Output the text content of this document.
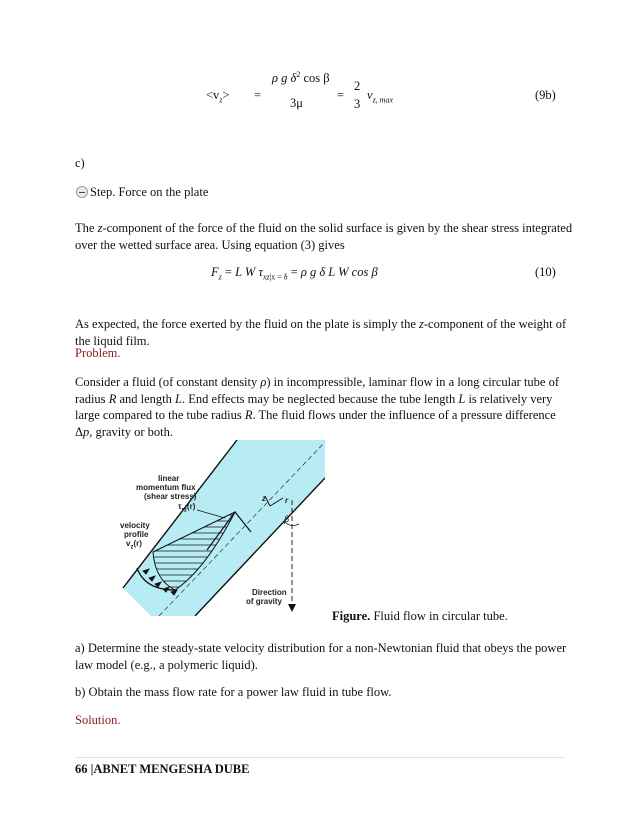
$<v_z>$ =
ρ g $\delta^2$ cos β
3μ
=
2
3
$v_{z, max}$	(9b)
c)
Step. Force on the plate
The z-component of the force of the fluid on the solid surface is given by the shear stress integrated over the wetted surface area. Using equation (3) gives
$F_z = L$ W $\tau_{xz|x = \delta} = \rho$ g δ L W cos β	(10)
As expected, the force exerted by the fluid on the plate is simply the z-component of the weight of the liquid film.
Problem.
Consider a fluid (of constant density ρ) in incompressible, laminar flow in a long circular tube of radius R and length L. End effects may be neglected because the tube length L is relatively very large compared to the tube radius R. The fluid flows under the influence of a pressure difference Δp, gravity or both.
linear
momentum flux
(shear stress)
$\tau_{rz}(r)$
velocity
profile
$v_z(r)$
Direction
of gravity
z r
β
Figure. Fluid flow in circular tube.
a) Determine the steady-state velocity distribution for a non-Newtonian fluid that obeys the power law model (e.g., a polymeric liquid).
b) Obtain the mass flow rate for a power law fluid in tube flow.
Solution.
66 |ABNET MENGESHA DUBE
